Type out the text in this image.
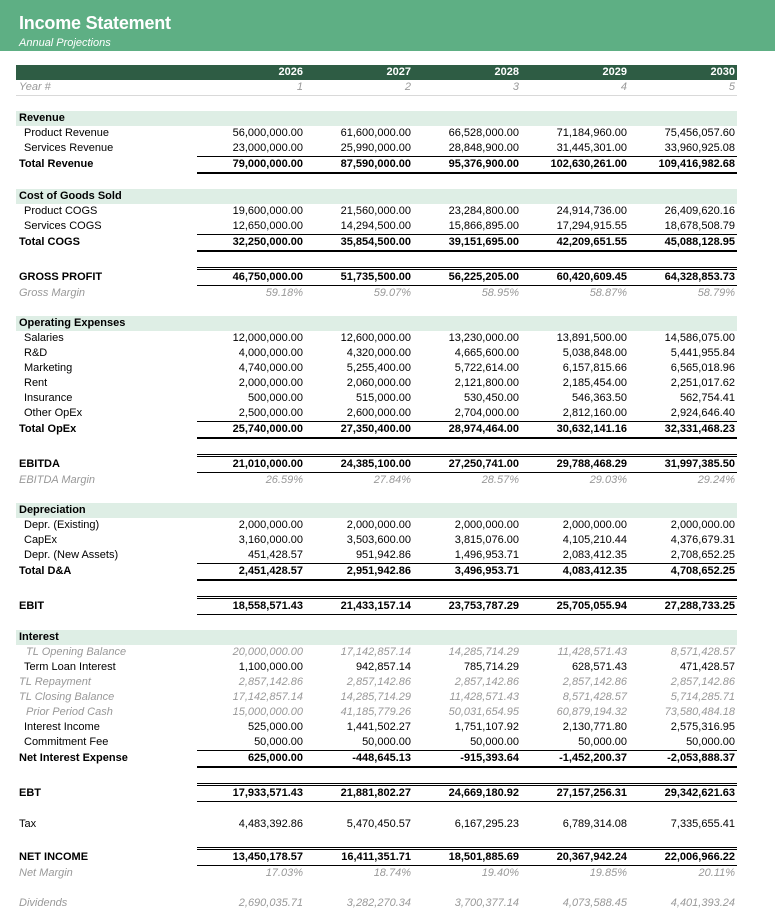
Income Statement
Annual Projections
	2026	2027	2028	2029	2030
Year #	1	2	3	4	5

Revenue					
Product Revenue	56,000,000.00	61,600,000.00	66,528,000.00	71,184,960.00	75,456,057.60
Services Revenue	23,000,000.00	25,990,000.00	28,848,900.00	31,445,301.00	33,960,925.08
Total Revenue	79,000,000.00	87,590,000.00	95,376,900.00	102,630,261.00	109,416,982.68

Cost of Goods Sold					
Product COGS	19,600,000.00	21,560,000.00	23,284,800.00	24,914,736.00	26,409,620.16
Services COGS	12,650,000.00	14,294,500.00	15,866,895.00	17,294,915.55	18,678,508.79
Total COGS	32,250,000.00	35,854,500.00	39,151,695.00	42,209,651.55	45,088,128.95

GROSS PROFIT	46,750,000.00	51,735,500.00	56,225,205.00	60,420,609.45	64,328,853.73
Gross Margin	59.18%	59.07%	58.95%	58.87%	58.79%

Operating Expenses					
Salaries	12,000,000.00	12,600,000.00	13,230,000.00	13,891,500.00	14,586,075.00
R&D	4,000,000.00	4,320,000.00	4,665,600.00	5,038,848.00	5,441,955.84
Marketing	4,740,000.00	5,255,400.00	5,722,614.00	6,157,815.66	6,565,018.96
Rent	2,000,000.00	2,060,000.00	2,121,800.00	2,185,454.00	2,251,017.62
Insurance	500,000.00	515,000.00	530,450.00	546,363.50	562,754.41
Other OpEx	2,500,000.00	2,600,000.00	2,704,000.00	2,812,160.00	2,924,646.40
Total OpEx	25,740,000.00	27,350,400.00	28,974,464.00	30,632,141.16	32,331,468.23

EBITDA	21,010,000.00	24,385,100.00	27,250,741.00	29,788,468.29	31,997,385.50
EBITDA Margin	26.59%	27.84%	28.57%	29.03%	29.24%

Depreciation					
Depr. (Existing)	2,000,000.00	2,000,000.00	2,000,000.00	2,000,000.00	2,000,000.00
CapEx	3,160,000.00	3,503,600.00	3,815,076.00	4,105,210.44	4,376,679.31
Depr. (New Assets)	451,428.57	951,942.86	1,496,953.71	2,083,412.35	2,708,652.25
Total D&A	2,451,428.57	2,951,942.86	3,496,953.71	4,083,412.35	4,708,652.25

EBIT	18,558,571.43	21,433,157.14	23,753,787.29	25,705,055.94	27,288,733.25

Interest					
TL Opening Balance	20,000,000.00	17,142,857.14	14,285,714.29	11,428,571.43	8,571,428.57
Term Loan Interest	1,100,000.00	942,857.14	785,714.29	628,571.43	471,428.57
TL Repayment	2,857,142.86	2,857,142.86	2,857,142.86	2,857,142.86	2,857,142.86
TL Closing Balance	17,142,857.14	14,285,714.29	11,428,571.43	8,571,428.57	5,714,285.71
Prior Period Cash	15,000,000.00	41,185,779.26	50,031,654.95	60,879,194.32	73,580,484.18
Interest Income	525,000.00	1,441,502.27	1,751,107.92	2,130,771.80	2,575,316.95
Commitment Fee	50,000.00	50,000.00	50,000.00	50,000.00	50,000.00
Net Interest Expense	625,000.00	-448,645.13	-915,393.64	-1,452,200.37	-2,053,888.37

EBT	17,933,571.43	21,881,802.27	24,669,180.92	27,157,256.31	29,342,621.63

Tax	4,483,392.86	5,470,450.57	6,167,295.23	6,789,314.08	7,335,655.41

NET INCOME	13,450,178.57	16,411,351.71	18,501,885.69	20,367,942.24	22,006,966.22
Net Margin	17.03%	18.74%	19.40%	19.85%	20.11%

Dividends	2,690,035.71	3,282,270.34	3,700,377.14	4,073,588.45	4,401,393.24
